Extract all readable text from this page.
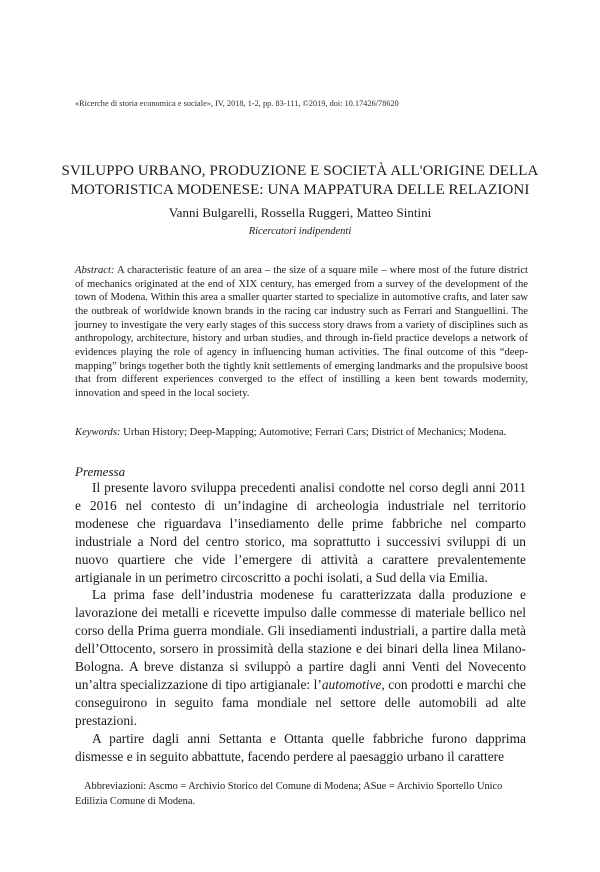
«Ricerche di storia economica e sociale», IV, 2018, 1-2, pp. 83-111, ©2019, doi: 10.17426/78620
SVILUPPO URBANO, PRODUZIONE E SOCIETÀ ALL'ORIGINE DELLA
MOTORISTICA MODENESE: UNA MAPPATURA DELLE RELAZIONI
Vanni Bulgarelli, Rossella Ruggeri, Matteo Sintini
Ricercatori indipendenti

Abstract: A characteristic feature of an area – the size of a square mile – where most of the future district of mechanics originated at the end of XIX century, has emerged from a survey of the development of the town of Modena. Within this area a smaller quarter started to specialize in automotive crafts, and later saw the outbreak of worldwide known brands in the racing car industry such as Ferrari and Stanguellini. The journey to investigate the very early stages of this success story draws from a variety of disciplines such as anthropology, architecture, history and urban studies, and through in-field practice develops a network of evidences playing the role of agency in influencing human activities. The final outcome of this “deep-mapping” brings together both the tightly knit settlements of emerging landmarks and the propulsive boost that from different experiences converged to the effect of instilling a keen bent towards modernity, innovation and speed in the local society.

Keywords: Urban History; Deep-Mapping; Automotive; Ferrari Cars; District of Mechanics; Modena.
Premessa

Il presente lavoro sviluppa precedenti analisi condotte nel corso degli anni 2011 e 2016 nel contesto di un’indagine di archeologia industriale nel territorio modenese che riguardava l’insediamento delle prime fabbriche nel comparto industriale a Nord del centro storico, ma soprattutto i successivi sviluppi di un nuovo quartiere che vide l’emergere di attività a carattere prevalentemente artigianale in un perimetro circoscritto a pochi isolati, a Sud della via Emilia.

La prima fase dell’industria modenese fu caratterizzata dalla produzione e lavorazione dei metalli e ricevette impulso dalle commesse di materiale bellico nel corso della Prima guerra mondiale. Gli insediamenti industriali, a partire dalla metà dell’Ottocento, sorsero in prossimità della stazione e dei binari della linea Milano-Bologna. A breve distanza si sviluppò a partire dagli anni Venti del Novecento un’altra specializzazione di tipo artigianale: l’automotive, con prodotti e marchi che conseguirono in seguito fama mondiale nel settore delle automobili ad alte prestazioni.

A partire dagli anni Settanta e Ottanta quelle fabbriche furono dapprima dismesse e in seguito abbattute, facendo perdere al paesaggio urbano il carattere

Abbreviazioni: Ascmo = Archivio Storico del Comune di Modena; ASue = Archivio Sportello Unico Edilizia Comune di Modena.
